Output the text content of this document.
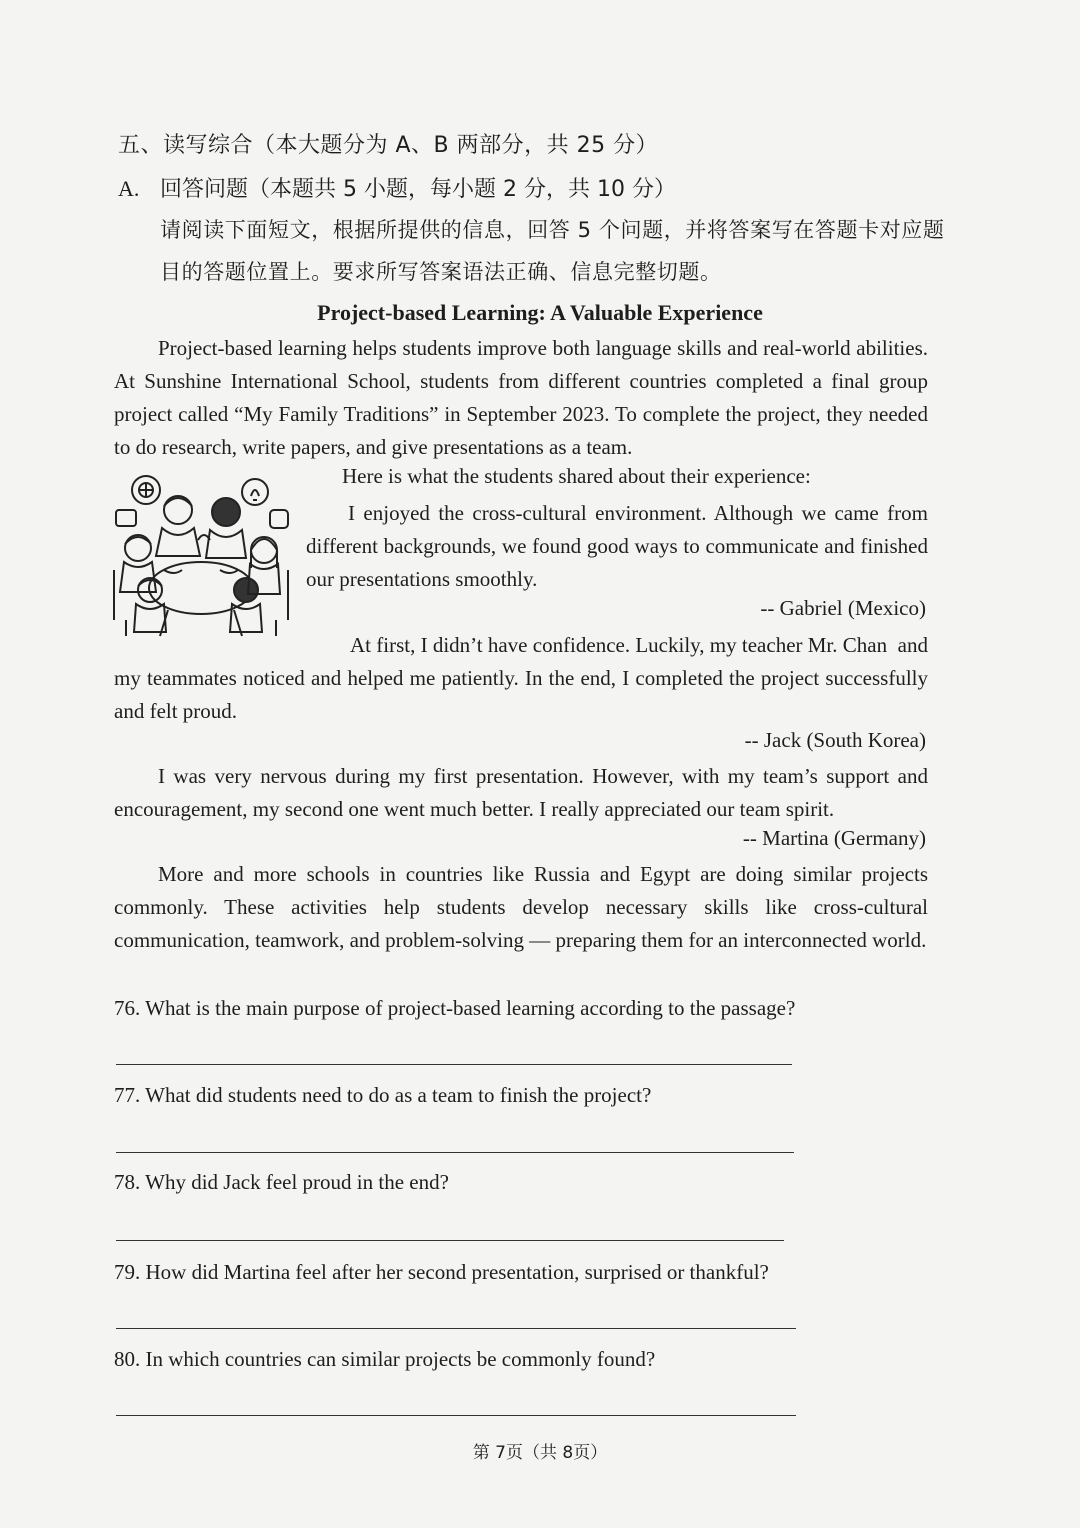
五、读写综合（本大题分为 A、B 两部分，共 25 分）
A. 回答问题（本题共 5 小题，每小题 2 分，共 10 分）
请阅读下面短文，根据所提供的信息，回答 5 个问题，并将答案写在答题卡对应题
目的答题位置上。要求所写答案语法正确、信息完整切题。
Project-based Learning: A Valuable Experience
Project-based learning helps students improve both language skills and real-world abilities. At Sunshine International School, students from different countries completed a final group project called “My Family Traditions” in September 2023. To complete the project, they needed to do research, write papers, and give presentations as a team.
Here is what the students shared about their experience:
I enjoyed the cross-cultural environment. Although we came from different backgrounds, we found good ways to communicate and finished our presentations smoothly.
-- Gabriel (Mexico)
At first, I didn’t have confidence. Luckily, my teacher Mr. Chan and my teammates noticed and helped me patiently. In the end, I completed the project successfully and felt proud.
-- Jack (South Korea)
I was very nervous during my first presentation. However, with my team’s support and encouragement, my second one went much better. I really appreciated our team spirit.
-- Martina (Germany)
More and more schools in countries like Russia and Egypt are doing similar projects commonly. These activities help students develop necessary skills like cross-cultural communication, teamwork, and problem-solving — preparing them for an interconnected world.
76. What is the main purpose of project-based learning according to the passage?
77. What did students need to do as a team to finish the project?
78. Why did Jack feel proud in the end?
79. How did Martina feel after her second presentation, surprised or thankful?
80. In which countries can similar projects be commonly found?
第 7页（共 8页）
